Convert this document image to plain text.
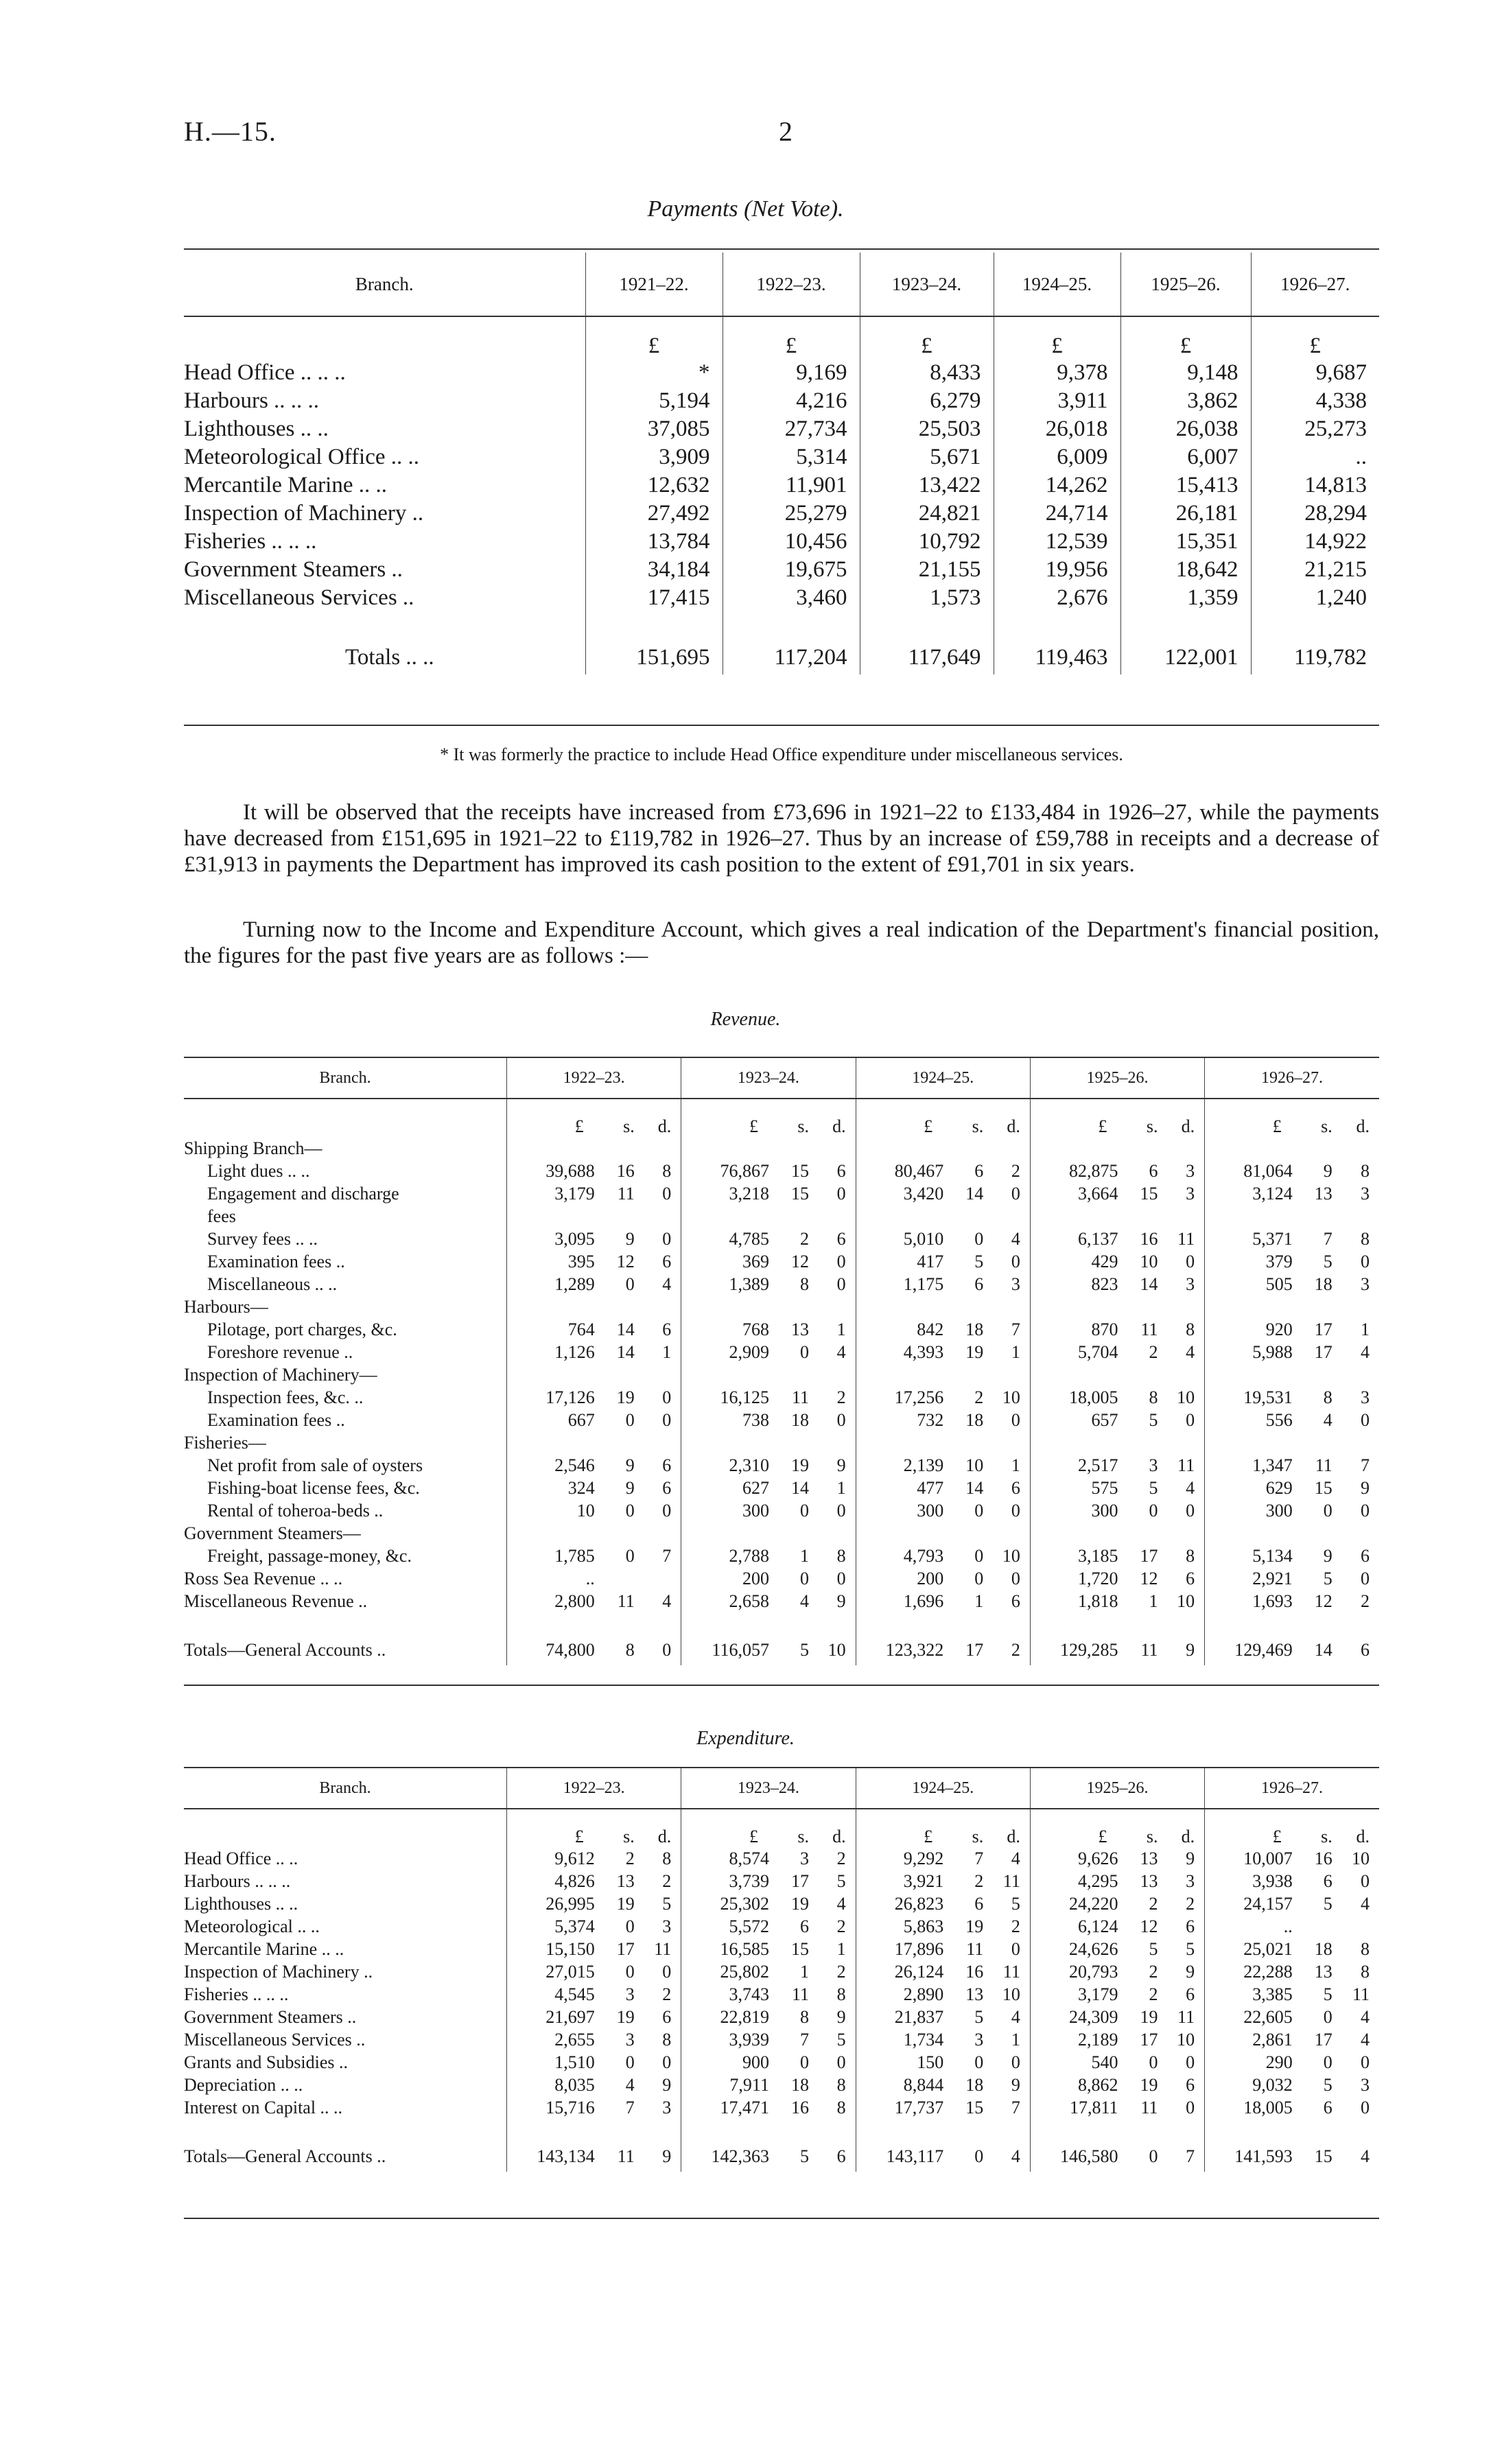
H.—15.	2
Payments (Net Vote).
Branch.	1921–22.	1922–23.	1923–24.	1924–25.	1925–26.	1926–27.
	£	£	£	£	£	£
Head Office .. .. ..	*	9,169	8,433	9,378	9,148	9,687
Harbours .. .. ..	5,194	4,216	6,279	3,911	3,862	4,338
Lighthouses .. ..	37,085	27,734	25,503	26,018	26,038	25,273
Meteorological Office .. ..	3,909	5,314	5,671	6,009	6,007	..
Mercantile Marine .. ..	12,632	11,901	13,422	14,262	15,413	14,813
Inspection of Machinery ..	27,492	25,279	24,821	24,714	26,181	28,294
Fisheries .. .. ..	13,784	10,456	10,792	12,539	15,351	14,922
Government Steamers ..	34,184	19,675	21,155	19,956	18,642	21,215
Miscellaneous Services ..	17,415	3,460	1,573	2,676	1,359	1,240

Totals .. ..	151,695	117,204	117,649	119,463	122,001	119,782
* It was formerly the practice to include Head Office expenditure under miscellaneous services.
It will be observed that the receipts have increased from £73,696 in 1921–22 to £133,484 in 1926–27, while the payments have decreased from £151,695 in 1921–22 to £119,782 in 1926–27. Thus by an increase of £59,788 in receipts and a decrease of £31,913 in payments the Department has improved its cash position to the extent of £91,701 in six years.
Turning now to the Income and Expenditure Account, which gives a real indication of the Department's financial position, the figures for the past five years are as follows :—
Revenue.
Branch.	1922–23.			1923–24.			1924–25.			1925–26.			1926–27.		
	£	s.	d.	£	s.	d.	£	s.	d.	£	s.	d.	£	s.	d.
Shipping Branch—															
Light dues .. ..	39,688	16	8	76,867	15	6	80,467	6	2	82,875	6	3	81,064	9	8
Engagement and discharge	3,179	11	0	3,218	15	0	3,420	14	0	3,664	15	3	3,124	13	3
fees															
Survey fees .. ..	3,095	9	0	4,785	2	6	5,010	0	4	6,137	16	11	5,371	7	8
Examination fees ..	395	12	6	369	12	0	417	5	0	429	10	0	379	5	0
Miscellaneous .. ..	1,289	0	4	1,389	8	0	1,175	6	3	823	14	3	505	18	3
Harbours—															
Pilotage, port charges, &c.	764	14	6	768	13	1	842	18	7	870	11	8	920	17	1
Foreshore revenue ..	1,126	14	1	2,909	0	4	4,393	19	1	5,704	2	4	5,988	17	4
Inspection of Machinery—															
Inspection fees, &c. ..	17,126	19	0	16,125	11	2	17,256	2	10	18,005	8	10	19,531	8	3
Examination fees ..	667	0	0	738	18	0	732	18	0	657	5	0	556	4	0
Fisheries—															
Net profit from sale of oysters	2,546	9	6	2,310	19	9	2,139	10	1	2,517	3	11	1,347	11	7
Fishing-boat license fees, &c.	324	9	6	627	14	1	477	14	6	575	5	4	629	15	9
Rental of toheroa-beds ..	10	0	0	300	0	0	300	0	0	300	0	0	300	0	0
Government Steamers—															
Freight, passage-money, &c.	1,785	0	7	2,788	1	8	4,793	0	10	3,185	17	8	5,134	9	6
Ross Sea Revenue .. ..	..			200	0	0	200	0	0	1,720	12	6	2,921	5	0
Miscellaneous Revenue ..	2,800	11	4	2,658	4	9	1,696	1	6	1,818	1	10	1,693	12	2

Totals—General Accounts ..	74,800	8	0	116,057	5	10	123,322	17	2	129,285	11	9	129,469	14	6
Expenditure.
Branch.	1922–23.			1923–24.			1924–25.			1925–26.			1926–27.		
	£	s.	d.	£	s.	d.	£	s.	d.	£	s.	d.	£	s.	d.
Head Office .. ..	9,612	2	8	8,574	3	2	9,292	7	4	9,626	13	9	10,007	16	10
Harbours .. .. ..	4,826	13	2	3,739	17	5	3,921	2	11	4,295	13	3	3,938	6	0
Lighthouses .. ..	26,995	19	5	25,302	19	4	26,823	6	5	24,220	2	2	24,157	5	4
Meteorological .. ..	5,374	0	3	5,572	6	2	5,863	19	2	6,124	12	6	..		
Mercantile Marine .. ..	15,150	17	11	16,585	15	1	17,896	11	0	24,626	5	5	25,021	18	8
Inspection of Machinery ..	27,015	0	0	25,802	1	2	26,124	16	11	20,793	2	9	22,288	13	8
Fisheries .. .. ..	4,545	3	2	3,743	11	8	2,890	13	10	3,179	2	6	3,385	5	11
Government Steamers ..	21,697	19	6	22,819	8	9	21,837	5	4	24,309	19	11	22,605	0	4
Miscellaneous Services ..	2,655	3	8	3,939	7	5	1,734	3	1	2,189	17	10	2,861	17	4
Grants and Subsidies ..	1,510	0	0	900	0	0	150	0	0	540	0	0	290	0	0
Depreciation .. ..	8,035	4	9	7,911	18	8	8,844	18	9	8,862	19	6	9,032	5	3
Interest on Capital .. ..	15,716	7	3	17,471	16	8	17,737	15	7	17,811	11	0	18,005	6	0

Totals—General Accounts ..	143,134	11	9	142,363	5	6	143,117	0	4	146,580	0	7	141,593	15	4
